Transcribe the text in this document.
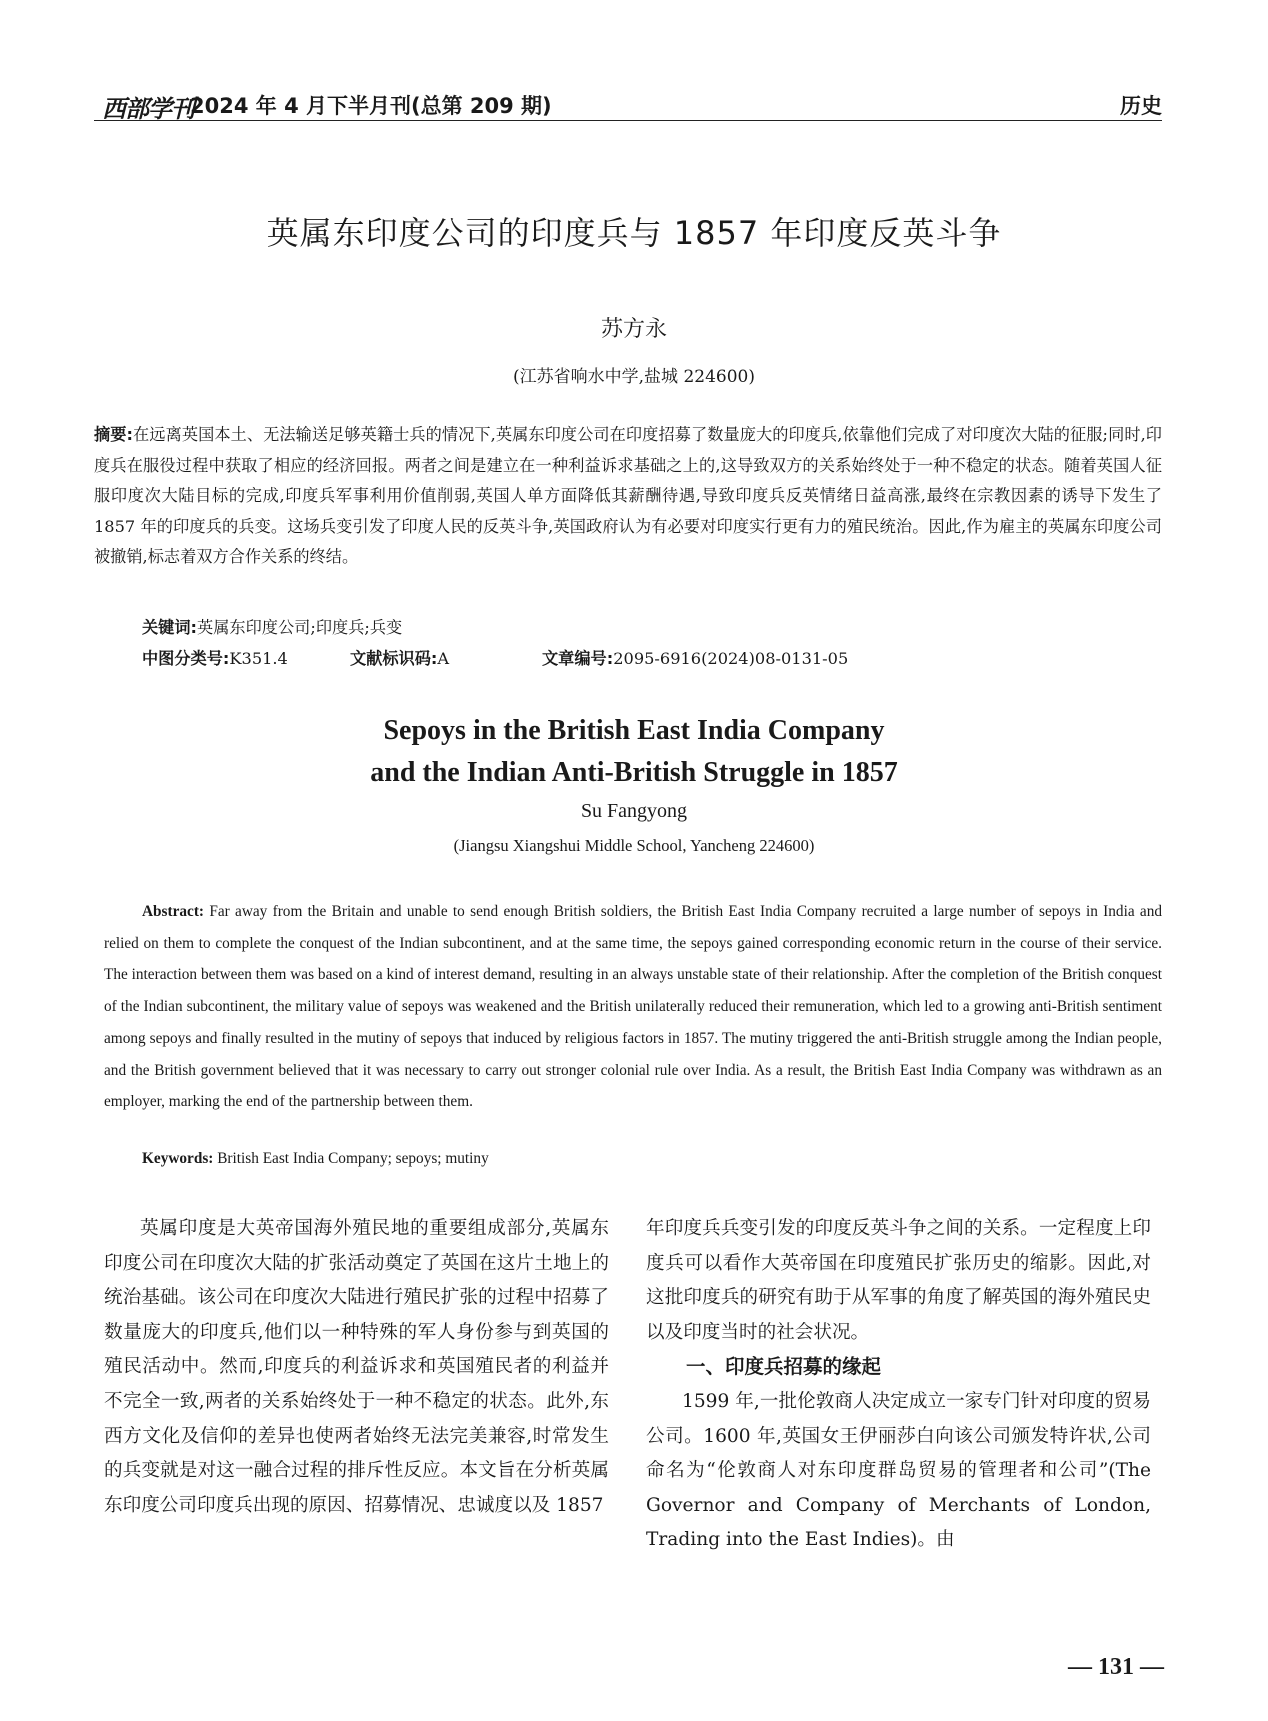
西部学刊
2024 年 4 月下半月刊(总第 209 期)	历史
英属东印度公司的印度兵与 1857 年印度反英斗争
苏方永
(江苏省响水中学,盐城 224600)

摘要:在远离英国本土、无法输送足够英籍士兵的情况下,英属东印度公司在印度招募了数量庞大的印度兵,依靠他们完成了对印度次大陆的征服;同时,印度兵在服役过程中获取了相应的经济回报。两者之间是建立在一种利益诉求基础之上的,这导致双方的关系始终处于一种不稳定的状态。随着英国人征服印度次大陆目标的完成,印度兵军事利用价值削弱,英国人单方面降低其薪酬待遇,导致印度兵反英情绪日益高涨,最终在宗教因素的诱导下发生了 1857 年的印度兵的兵变。这场兵变引发了印度人民的反英斗争,英国政府认为有必要对印度实行更有力的殖民统治。因此,作为雇主的英属东印度公司被撤销,标志着双方合作关系的终结。

关键词:英属东印度公司;印度兵;兵变

中图分类号:K351.4	文献标识码:A	文章编号:2095-6916(2024)08-0131-05
Sepoys in the British East India Company
and the Indian Anti-British Struggle in 1857
Su Fangyong
(Jiangsu Xiangshui Middle School, Yancheng 224600)

Abstract: Far away from the Britain and unable to send enough British soldiers, the British East India Company recruited a large number of sepoys in India and relied on them to complete the conquest of the Indian subcontinent, and at the same time, the sepoys gained corresponding economic return in the course of their service. The interaction between them was based on a kind of interest demand, resulting in an always unstable state of their relationship. After the completion of the British conquest of the Indian subcontinent, the military value of sepoys was weakened and the British unilaterally reduced their remuneration, which led to a growing anti-British sentiment among sepoys and finally resulted in the mutiny of sepoys that induced by religious factors in 1857. The mutiny triggered the anti-British struggle among the Indian people, and the British government believed that it was necessary to carry out stronger colonial rule over India. As a result, the British East India Company was withdrawn as an employer, marking the end of the partnership between them.

Keywords: British East India Company; sepoys; mutiny

英属印度是大英帝国海外殖民地的重要组成部分,英属东印度公司在印度次大陆的扩张活动奠定了英国在这片土地上的统治基础。该公司在印度次大陆进行殖民扩张的过程中招募了数量庞大的印度兵,他们以一种特殊的军人身份参与到英国的殖民活动中。然而,印度兵的利益诉求和英国殖民者的利益并不完全一致,两者的关系始终处于一种不稳定的状态。此外,东西方文化及信仰的差异也使两者始终无法完美兼容,时常发生的兵变就是对这一融合过程的排斥性反应。本文旨在分析英属东印度公司印度兵出现的原因、招募情况、忠诚度以及 1857

年印度兵兵变引发的印度反英斗争之间的关系。一定程度上印度兵可以看作大英帝国在印度殖民扩张历史的缩影。因此,对这批印度兵的研究有助于从军事的角度了解英国的海外殖民史以及印度当时的社会状况。

一、印度兵招募的缘起

1599 年,一批伦敦商人决定成立一家专门针对印度的贸易公司。1600 年,英国女王伊丽莎白向该公司颁发特许状,公司命名为“伦敦商人对东印度群岛贸易的管理者和公司”(The Governor and Company of Merchants of London, Trading into the East Indies)。由

— 131 —
